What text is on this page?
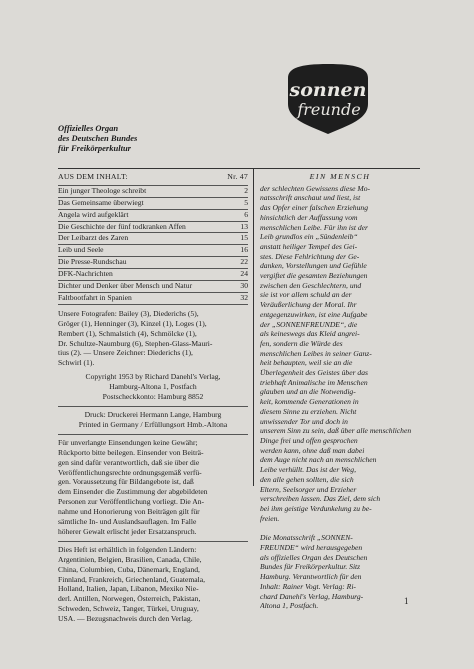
sonnen
freunde
Offizielles Organ
des Deutschen Bundes
für Freikörperkultur
AUS DEM INHALT:	Nr. 47
Ein junger Theologe schreibt	2
Das Gemeinsame überwiegt	5
Angela wird aufgeklärt	6
Die Geschichte der fünf todkranken Affen	13
Der Leibarzt des Zaren	15
Leib und Seele	16
Die Presse-Rundschau	22
DFK-Nachrichten	24
Dichter und Denker über Mensch und Natur	30
Faltbootfahrt in Spanien	32
Unsere Fotografen: Bailey (3), Diederichs (5),
Gröger (1), Henninger (3), Kinzel (1), Loges (1),
Rembert (1), Schmalstich (4), Schmölcke (1),
Dr. Schultze-Naumburg (6), Stephen-Glass-Mauri-
tius (2). — Unsere Zeichner: Diederichs (1),
Schwirl (1).
Copyright 1953 by Richard Danehl's Verlag,
Hamburg-Altona 1, Postfach
Postscheckkonto: Hamburg 8852
Druck: Druckerei Hermann Lange, Hamburg
Printed in Germany / Erfüllungsort Hmb.-Altona
Für unverlangte Einsendungen keine Gewähr;
Rückporto bitte beilegen. Einsender von Beiträ-
gen sind dafür verantwortlich, daß sie über die
Veröffentlichungsrechte ordnungsgemäß verfü-
gen. Voraussetzung für Bildangebote ist, daß
dem Einsender die Zustimmung der abgebildeten
Personen zur Veröffentlichung vorliegt. Die An-
nahme und Honorierung von Beiträgen gilt für
sämtliche In- und Auslandsauflagen. Im Falle
höherer Gewalt erlischt jeder Ersatzanspruch.
Dies Heft ist erhältlich in folgenden Ländern:
Argentinien, Belgien, Brasilien, Canada, Chile,
China, Columbien, Cuba, Dänemark, England,
Finnland, Frankreich, Griechenland, Guatemala,
Holland, Italien, Japan, Libanon, Mexiko Nie-
derl. Antillen, Norwegen, Österreich, Pakistan,
Schweden, Schweiz, Tanger, Türkei, Uruguay,
USA. — Bezugsnachweis durch den Verlag.
EIN MENSCH
der schlechten Gewissens diese Mo-
natsschrift anschaut und liest, ist
das Opfer einer falschen Erziehung
hinsichtlich der Auffassung vom
menschlichen Leibe. Für ihn ist der
Leib grundlos ein „Sündenleib“
anstatt heiliger Tempel des Gei-
stes. Diese Fehlrichtung der Ge-
danken, Vorstellungen und Gefühle
vergiftet die gesamten Beziehungen
zwischen den Geschlechtern, und
sie ist vor allem schuld an der
Veräußerlichung der Moral. Ihr
entgegenzuwirken, ist eine Aufgabe
der „SONNENFREUNDE“, die
als keineswegs das Kleid angrei-
fen, sondern die Würde des
menschlichen Leibes in seiner Ganz-
heit behaupten, weil sie an die
Überlegenheit des Geistes über das
triebhaft Animalische im Menschen
glauben und an die Notwendig-
keit, kommende Generationen in
diesem Sinne zu erziehen. Nicht
unwissender Tor und doch in
unserem Sinn zu sein, daß über alle menschlichen
Dinge frei und offen gesprochen
werden kann, ohne daß man dabei
dem Auge nicht nach an menschlichen
Leibe verhüllt. Das ist der Weg,
den alle gehen sollten, die sich
Eltern, Seelsorger und Erzieher
verschreiben lassen. Das Ziel, dem sich
bei ihm geistige Verdunkelung zu be-
freien.
Die Monatsschrift „SONNEN-
FREUNDE“ wird herausgegeben
als offizielles Organ des Deutschen
Bundes für Freikörperkultur. Sitz
Hamburg. Verantwortlich für den
Inhalt: Rainer Vogt. Verlag: Ri-
chard Danehl's Verlag, Hamburg-
Altona 1, Postfach.	1
